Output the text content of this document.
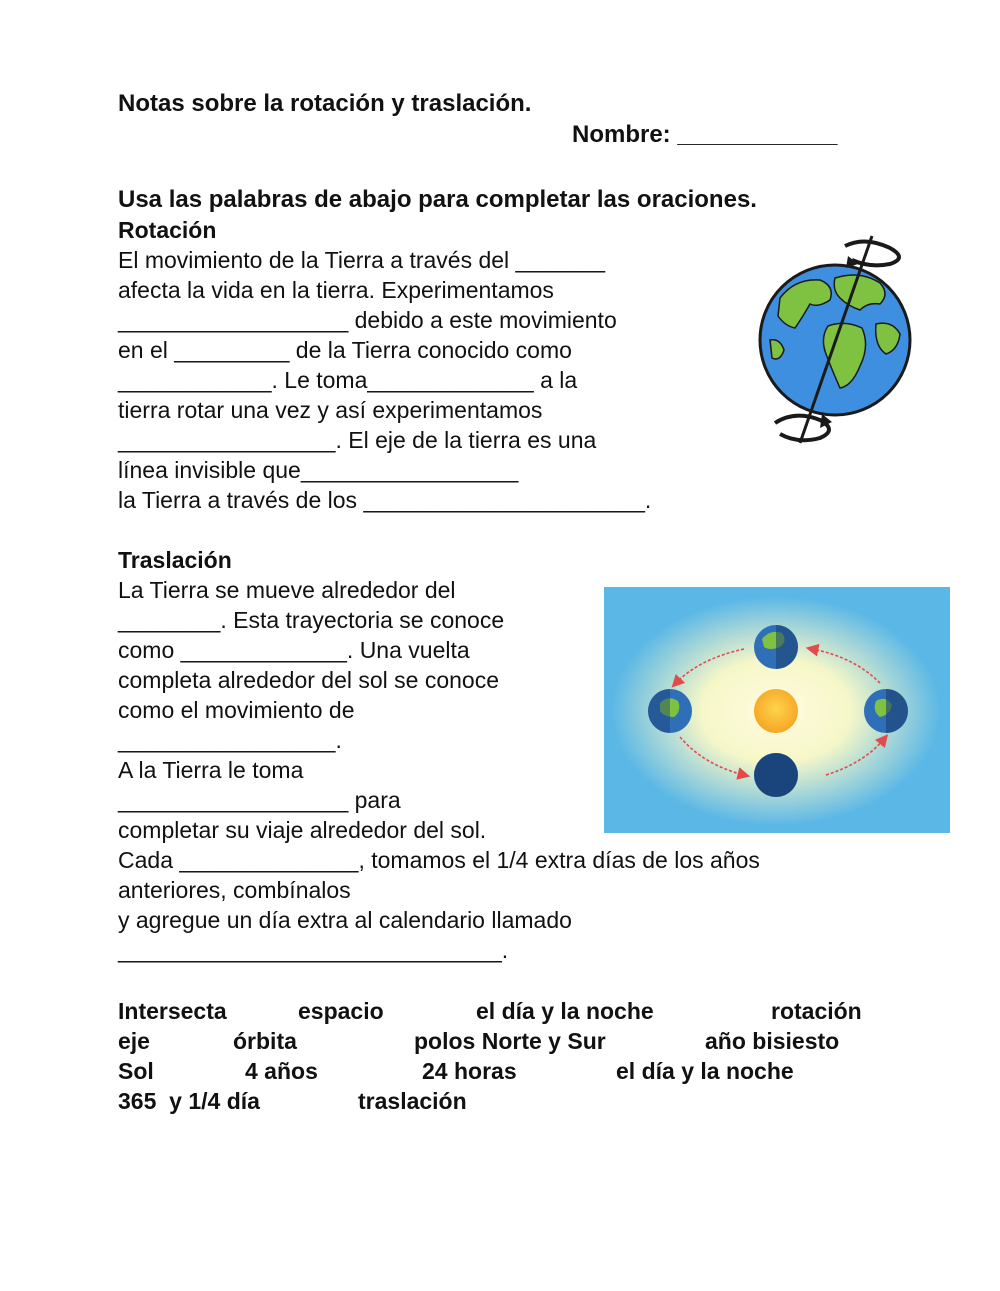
Notas sobre la rotación y traslación.
Nombre: ____________
Usa las palabras de abajo para completar las oraciones.
Rotación
El movimiento de la Tierra a través del _______
afecta la vida en la tierra. Experimentamos
__________________ debido a este movimiento
en el _________ de la Tierra conocido como
____________. Le toma_____________ a la
tierra rotar una vez y así experimentamos
_________________. El eje de la tierra es una
línea invisible que_________________
la Tierra a través de los ______________________.
Traslación
La Tierra se mueve alrededor del
________. Esta trayectoria se conoce
como _____________. Una vuelta
completa alrededor del sol se conoce
como el movimiento de
_________________.
A la Tierra le toma
__________________ para
completar su viaje alrededor del sol.
Cada ______________, tomamos el 1/4 extra días de los años
anteriores, combínalos
y agregue un día extra al calendario llamado
______________________________.
Intersecta	espacio	el día y la noche	rotación
eje	órbita	polos Norte y Sur	año bisiesto
Sol	4 años	24 horas	el día y la noche
365  y 1/4 día	traslación
